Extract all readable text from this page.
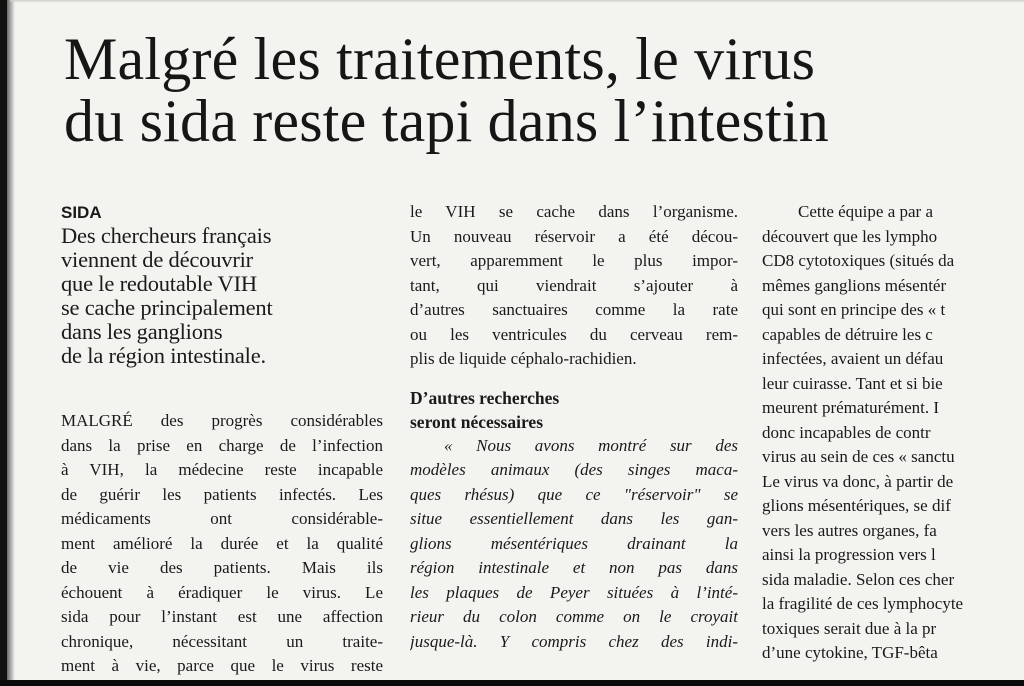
Malgré les traitements, le virus
du sida reste tapi dans l’intestin
SIDA
Des chercheurs français
viennent de découvrir
que le redoutable VIH
se cache principalement
dans les ganglions
de la région intestinale.
MALGRÉ des progrès considérables
dans la prise en charge de l’infection
à VIH, la médecine reste incapable
de guérir les patients infectés. Les
médicaments ont considérable-
ment amélioré la durée et la qualité
de vie des patients. Mais ils
échouent à éradiquer le virus. Le
sida pour l’instant est une affection
chronique, nécessitant un traite-
ment à vie, parce que le virus reste
le VIH se cache dans l’organisme.
Un nouveau réservoir a été décou-
vert, apparemment le plus impor-
tant, qui viendrait s’ajouter à
d’autres sanctuaires comme la rate
ou les ventricules du cerveau rem-
plis de liquide céphalo-rachidien.
D’autres recherches
seront nécessaires
« Nous avons montré sur des
modèles animaux (des singes maca-
ques rhésus) que ce "réservoir" se
situe essentiellement dans les gan-
glions mésentériques drainant la
région intestinale et non pas dans
les plaques de Peyer situées à l’inté-
rieur du colon comme on le croyait
jusque-là. Y compris chez des indi-
Cette équipe a par a
découvert que les lympho
CD8 cytotoxiques (situés da
mêmes ganglions mésentér
qui sont en principe des « t
capables de détruire les c
infectées, avaient un défau
leur cuirasse. Tant et si bie
meurent prématurément. I
donc incapables de contr
virus au sein de ces « sanctu
Le virus va donc, à partir de
glions mésentériques, se dif
vers les autres organes, fa
ainsi la progression vers l
sida maladie. Selon ces cher
la fragilité de ces lymphocyte
toxiques serait due à la pr
d’une cytokine, TGF-bêta
